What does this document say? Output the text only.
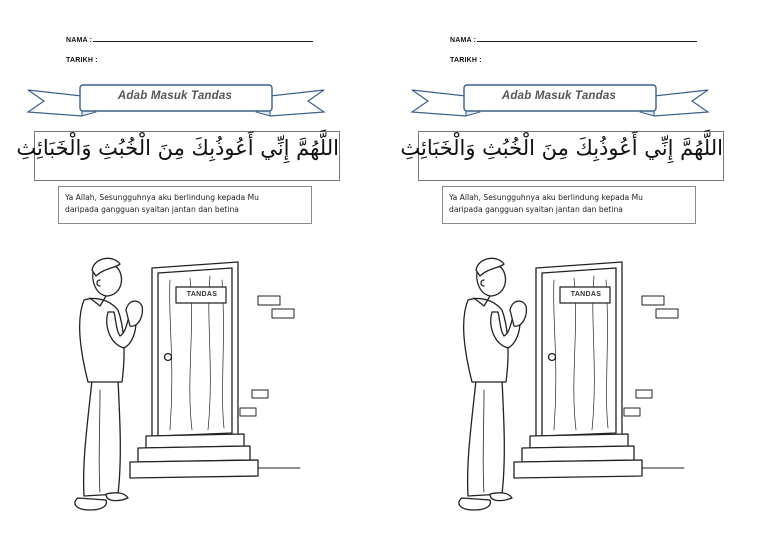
NAMA :
TARIKH :
Adab Masuk Tandas
اللَّهُمَّ إِنِّي أَعُوذُبِكَ مِنَ الْخُبُثِ وَالْخَبَائِثِ
Ya Allah, Sesungguhnya aku berlindung kepada Mu
daripada gangguan syaitan jantan dan betina
TANDAS
NAMA :
TARIKH :
Adab Masuk Tandas
اللَّهُمَّ إِنِّي أَعُوذُبِكَ مِنَ الْخُبُثِ وَالْخَبَائِثِ
Ya Allah, Sesungguhnya aku berlindung kepada Mu
daripada gangguan syaitan jantan dan betina
TANDAS
